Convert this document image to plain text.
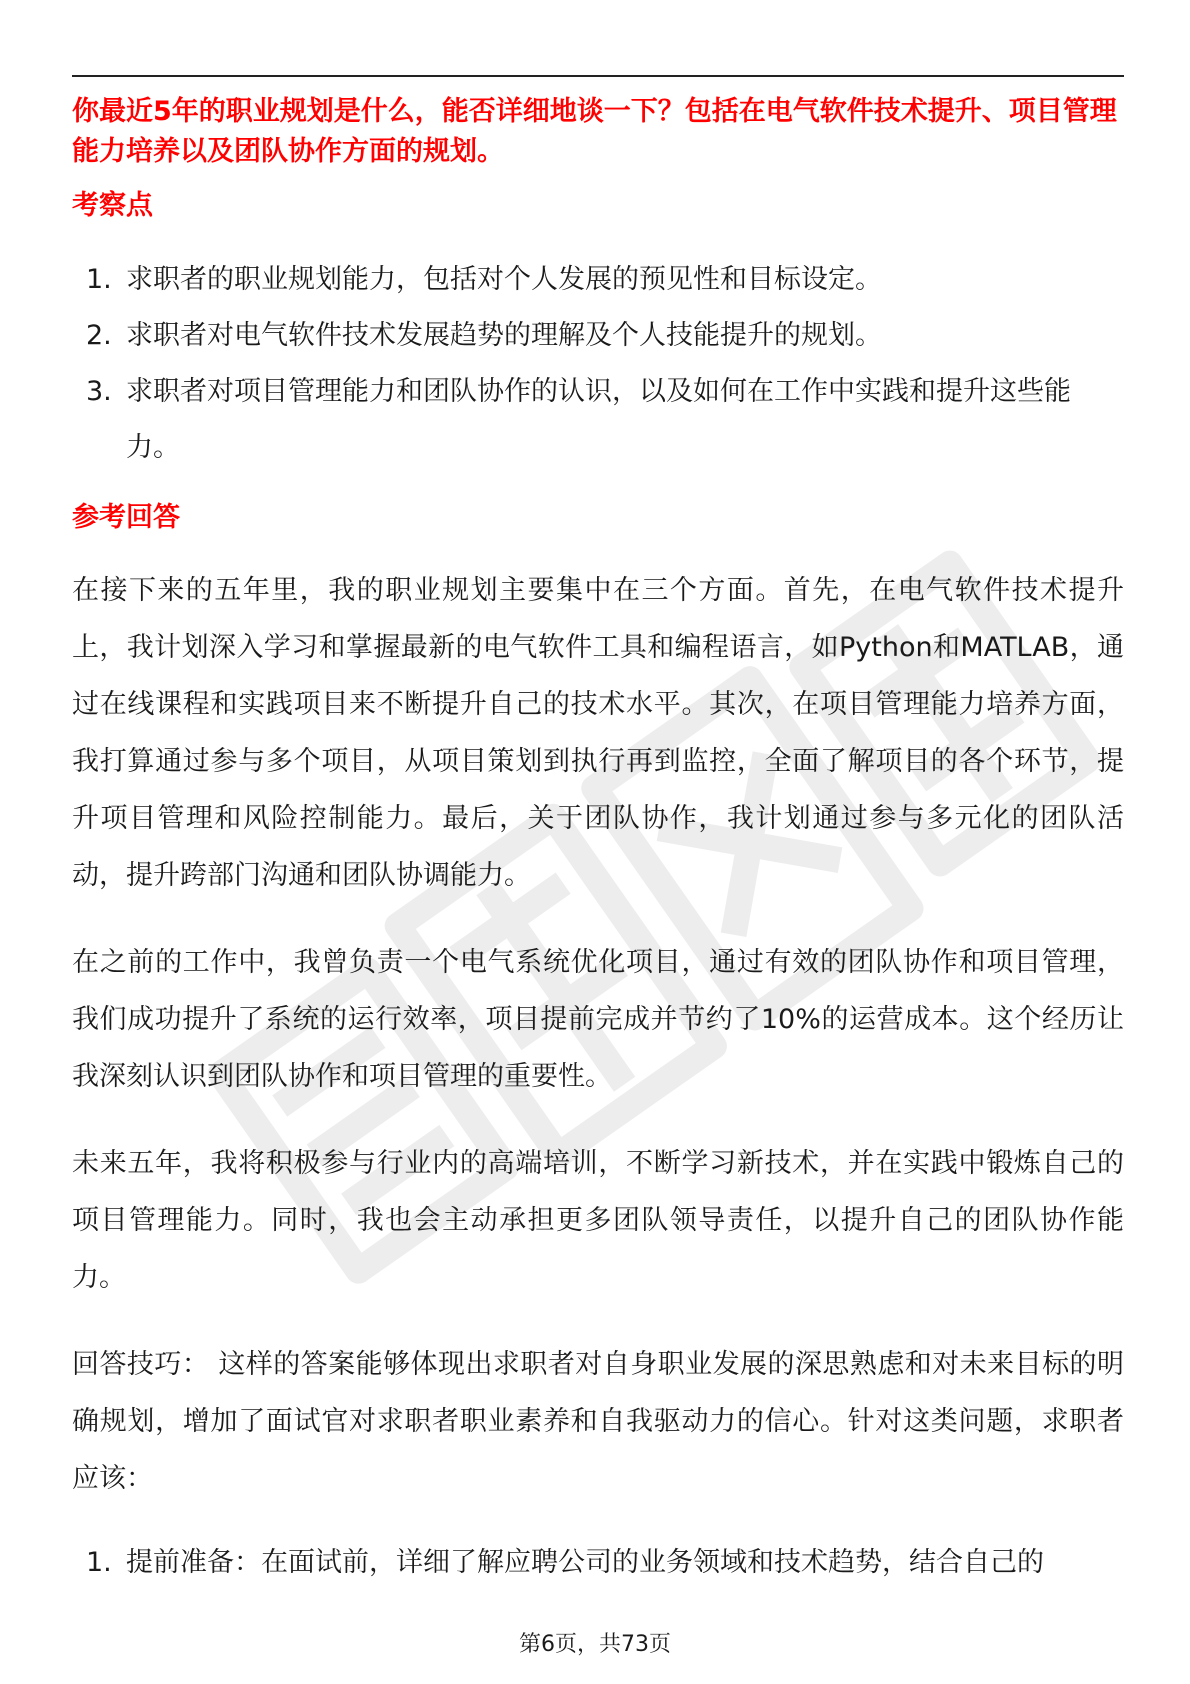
你最近5年的职业规划是什么，能否详细地谈一下？包括在电气软件技术提升、项目管理能力培养以及团队协作方面的规划。

考察点

1. 求职者的职业规划能力，包括对个人发展的预见性和目标设定。
2. 求职者对电气软件技术发展趋势的理解及个人技能提升的规划。
3. 求职者对项目管理能力和团队协作的认识，以及如何在工作中实践和提升这些能力。

参考回答

在接下来的五年里，我的职业规划主要集中在三个方面。首先，在电气软件技术提升上，我计划深入学习和掌握最新的电气软件工具和编程语言，如Python和MATLAB，通过在线课程和实践项目来不断提升自己的技术水平。其次，在项目管理能力培养方面，我打算通过参与多个项目，从项目策划到执行再到监控，全面了解项目的各个环节，提升项目管理和风险控制能力。最后，关于团队协作，我计划通过参与多元化的团队活动，提升跨部门沟通和团队协调能力。

在之前的工作中，我曾负责一个电气系统优化项目，通过有效的团队协作和项目管理，我们成功提升了系统的运行效率，项目提前完成并节约了10%的运营成本。这个经历让我深刻认识到团队协作和项目管理的重要性。

未来五年，我将积极参与行业内的高端培训，不断学习新技术，并在实践中锻炼自己的项目管理能力。同时，我也会主动承担更多团队领导责任，以提升自己的团队协作能力。

回答技巧： 这样的答案能够体现出求职者对自身职业发展的深思熟虑和对未来目标的明确规划，增加了面试官对求职者职业素养和自我驱动力的信心。针对这类问题，求职者应该：

1. 提前准备：在面试前，详细了解应聘公司的业务领域和技术趋势，结合自己的
第6页，共73页
